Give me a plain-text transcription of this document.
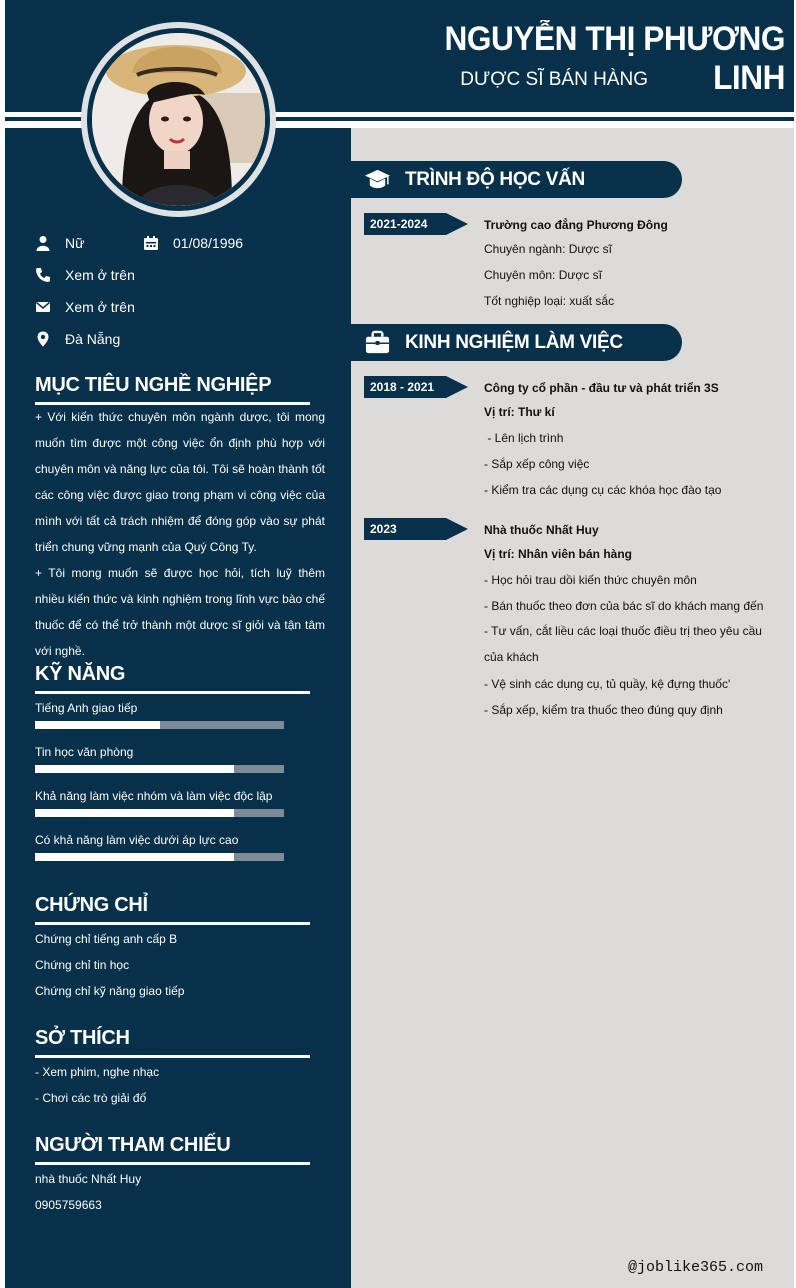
NGUYỄN THỊ PHƯƠNG LINH
DƯỢC SĨ BÁN HÀNG
Nữ	01/08/1996
Xem ở trên
Xem ở trên
Đà Nẵng
MỤC TIÊU NGHỀ NGHIỆP

+ Với kiến thức chuyên môn ngành dược, tôi mong muốn tìm được một công việc ổn định phù hợp với chuyên môn và năng lực của tôi. Tôi sẽ hoàn thành tốt các công việc được giao trong phạm vi công việc của mình với tất cả trách nhiệm để đóng góp vào sự phát triển chung vững mạnh của Quý Công Ty.

+ Tôi mong muốn sẽ được học hỏi, tích luỹ thêm nhiều kiến thức và kinh nghiệm trong lĩnh vực bào chế thuốc để có thể trở thành một dược sĩ giỏi và tận tâm với nghề.

KỸ NĂNG
Tiếng Anh giao tiếp
Tin học văn phòng
Khả năng làm việc nhóm và làm việc độc lập
Có khả năng làm việc dưới áp lực cao
CHỨNG CHỈ
Chứng chỉ tiếng anh cấp B
Chứng chỉ tin học
Chứng chỉ kỹ năng giao tiếp
SỞ THÍCH
- Xem phim, nghe nhạc
- Chơi các trò giải đố
NGƯỜI THAM CHIẾU
nhà thuốc Nhất Huy
0905759663
TRÌNH ĐỘ HỌC VẤN
2021-2024	Trường cao đẳng Phương Đông
Chuyên ngành: Dược sĩ
Chuyên môn: Dược sĩ
Tốt nghiệp loại: xuất sắc
KINH NGHIỆM LÀM VIỆC
2018 - 2021	Công ty cổ phần - đầu tư và phát triển 3S
Vị trí: Thư kí
- Lên lịch trình
- Sắp xếp công việc
- Kiểm tra các dụng cụ các khóa học đào tạo
2023	Nhà thuốc Nhất Huy
Vị trí: Nhân viên bán hàng
- Học hỏi trau dồi kiến thức chuyên môn
- Bán thuốc theo đơn của bác sĩ do khách mang đến
- Tư vấn, cắt liều các loại thuốc điều trị theo yêu cầu của khách
- Vệ sinh các dụng cụ, tủ quầy, kệ đựng thuốc'
- Sắp xếp, kiểm tra thuốc theo đúng quy định
@joblike365.com
